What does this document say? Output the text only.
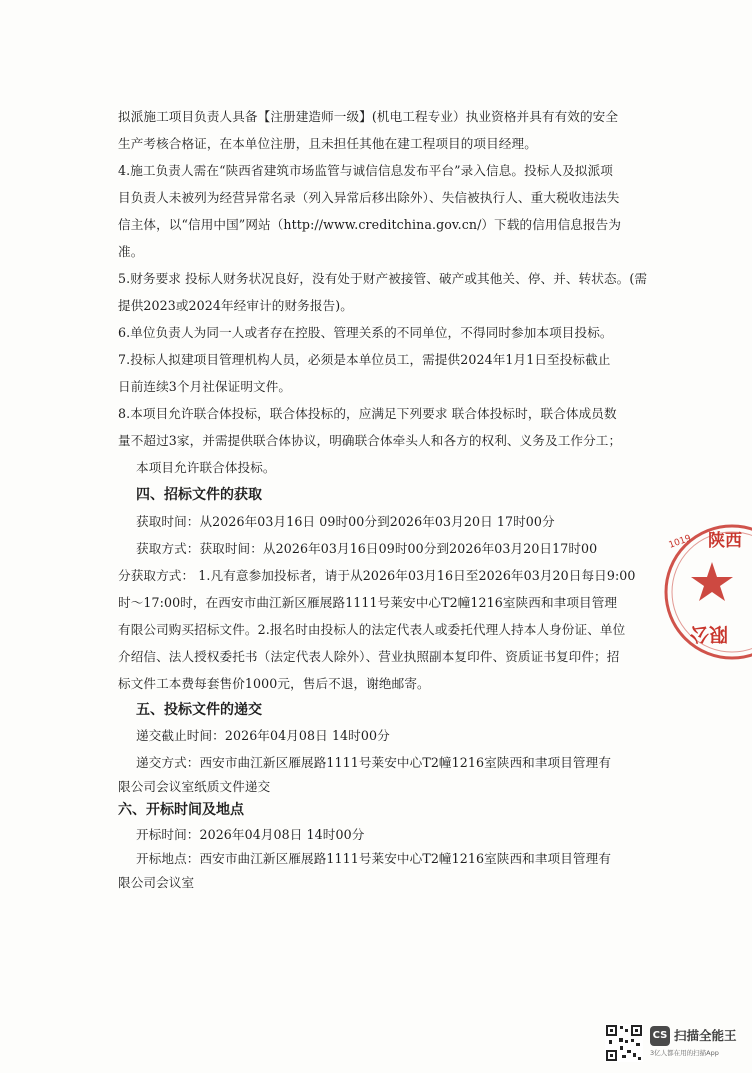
拟派施工项目负责人具备【注册建造师一级】(机电工程专业）执业资格并具有有效的安全
生产考核合格证，在本单位注册，且未担任其他在建工程项目的项目经理。
4.施工负责人需在“陕西省建筑市场监管与诚信信息发布平台”录入信息。投标人及拟派项
目负责人未被列为经营异常名录（列入异常后移出除外）、失信被执行人、重大税收违法失
信主体，以“信用中国”网站（http://www.creditchina.gov.cn/）下载的信用信息报告为
准。
5.财务要求 投标人财务状况良好，没有处于财产被接管、破产或其他关、停、并、转状态。(需
提供2023或2024年经审计的财务报告)。
6.单位负责人为同一人或者存在控股、管理关系的不同单位，不得同时参加本项目投标。
7.投标人拟建项目管理机构人员，必须是本单位员工，需提供2024年1月1日至投标截止
日前连续3个月社保证明文件。
8.本项目允许联合体投标，联合体投标的，应满足下列要求 联合体投标时，联合体成员数
量不超过3家，并需提供联合体协议，明确联合体牵头人和各方的权利、义务及工作分工；
本项目允许联合体投标。
四、招标文件的获取
获取时间：从2026年03月16日 09时00分到2026年03月20日 17时00分
获取方式：获取时间：从2026年03月16日09时00分到2026年03月20日17时00
分获取方式： 1.凡有意参加投标者，请于从2026年03月16日至2026年03月20日每日9:00
时～17:00时，在西安市曲江新区雁展路1111号莱安中心T2幢1216室陕西和聿项目管理
有限公司购买招标文件。2.报名时由投标人的法定代表人或委托代理人持本人身份证、单位
介绍信、法人授权委托书（法定代表人除外）、营业执照副本复印件、资质证书复印件；招
标文件工本费每套售价1000元，售后不退，谢绝邮寄。
五、投标文件的递交
递交截止时间：2026年04月08日 14时00分
递交方式：西安市曲江新区雁展路1111号莱安中心T2幢1216室陕西和聿项目管理有
限公司会议室纸质文件递交
六、开标时间及地点
开标时间：2026年04月08日 14时00分
开标地点：西安市曲江新区雁展路1111号莱安中心T2幢1216室陕西和聿项目管理有
限公司会议室
1019 陕西
限公
CS 扫描全能王
3亿人都在用的扫描App
